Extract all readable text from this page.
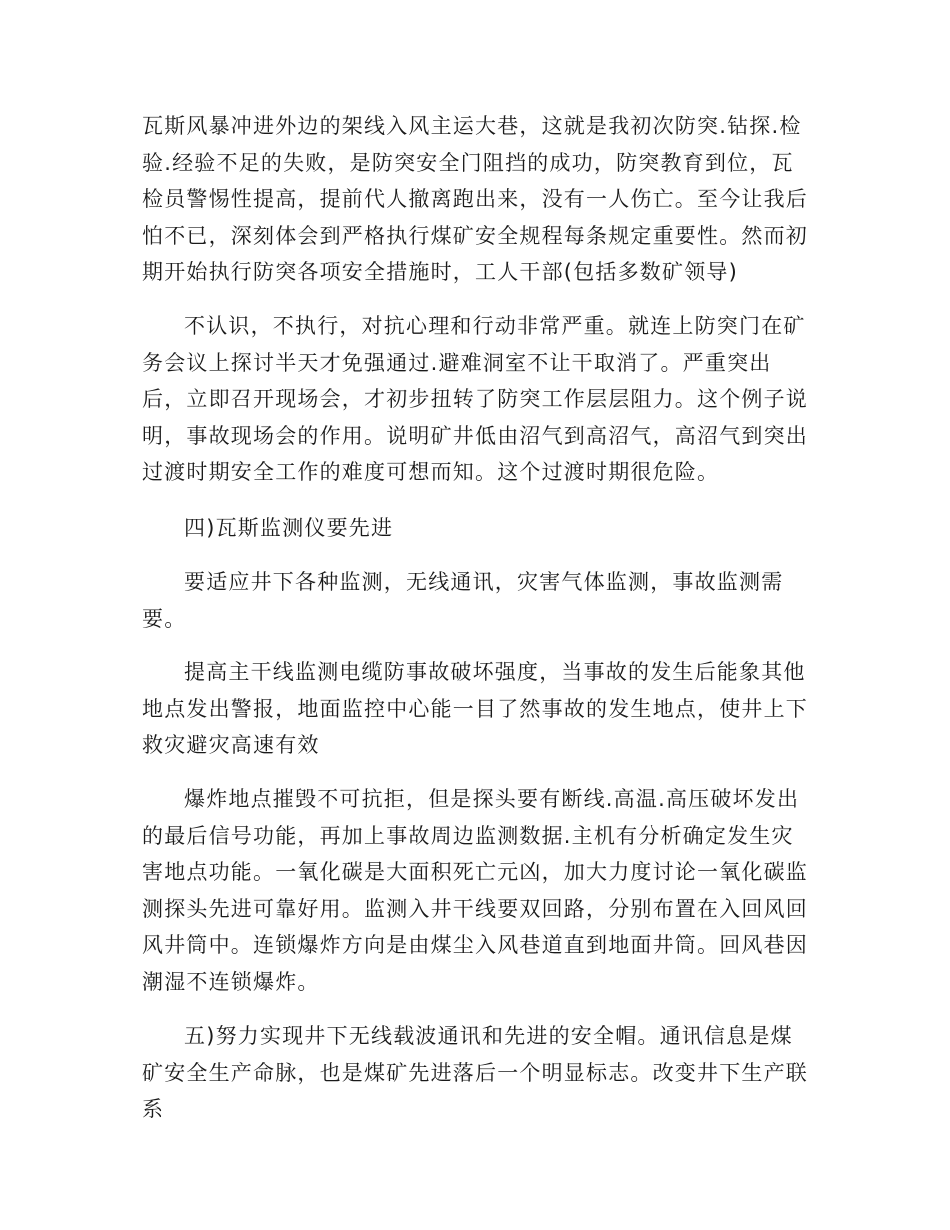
瓦斯风暴冲进外边的架线入风主运大巷，这就是我初次防突.钻探.检验.经验不足的失败，是防突安全门阻挡的成功，防突教育到位，瓦检员警惕性提高，提前代人撤离跑出来，没有一人伤亡。至今让我后怕不已，深刻体会到严格执行煤矿安全规程每条规定重要性。然而初期开始执行防突各项安全措施时，工人干部(包括多数矿领导)

不认识，不执行，对抗心理和行动非常严重。就连上防突门在矿务会议上探讨半天才免强通过.避难洞室不让干取消了。严重突出后，立即召开现场会，才初步扭转了防突工作层层阻力。这个例子说明，事故现场会的作用。说明矿井低由沼气到高沼气，高沼气到突出过渡时期安全工作的难度可想而知。这个过渡时期很危险。

四)瓦斯监测仪要先进

要适应井下各种监测，无线通讯，灾害气体监测，事故监测需要。

提高主干线监测电缆防事故破坏强度，当事故的发生后能象其他地点发出警报，地面监控中心能一目了然事故的发生地点，使井上下救灾避灾高速有效

爆炸地点摧毁不可抗拒，但是探头要有断线.高温.高压破坏发出的最后信号功能，再加上事故周边监测数据.主机有分析确定发生灾害地点功能。一氧化碳是大面积死亡元凶，加大力度讨论一氧化碳监测探头先进可靠好用。监测入井干线要双回路，分别布置在入回风回风井筒中。连锁爆炸方向是由煤尘入风巷道直到地面井筒。回风巷因潮湿不连锁爆炸。

五)努力实现井下无线载波通讯和先进的安全帽。通讯信息是煤矿安全生产命脉，也是煤矿先进落后一个明显标志。改变井下生产联系
